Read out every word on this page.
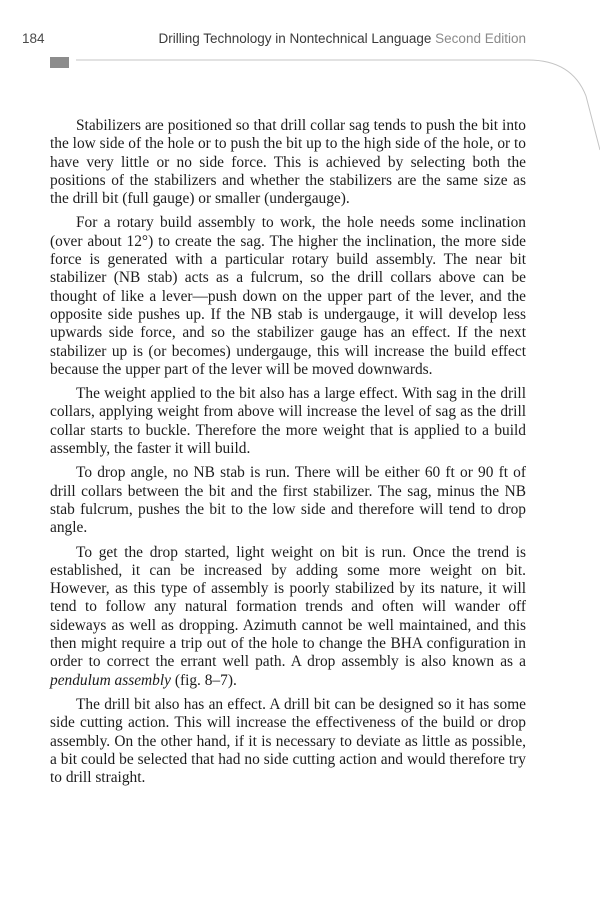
184	Drilling Technology in Nontechnical Language Second Edition

Stabilizers are positioned so that drill collar sag tends to push the bit into the low side of the hole or to push the bit up to the high side of the hole, or to have very little or no side force. This is achieved by selecting both the positions of the stabilizers and whether the stabilizers are the same size as the drill bit (full gauge) or smaller (undergauge).

For a rotary build assembly to work, the hole needs some inclination (over about 12°) to create the sag. The higher the inclination, the more side force is generated with a particular rotary build assembly. The near bit stabilizer (NB stab) acts as a fulcrum, so the drill collars above can be thought of like a lever—push down on the upper part of the lever, and the opposite side pushes up. If the NB stab is undergauge, it will develop less upwards side force, and so the stabilizer gauge has an effect. If the next stabilizer up is (or becomes) undergauge, this will increase the build effect because the upper part of the lever will be moved downwards.

The weight applied to the bit also has a large effect. With sag in the drill collars, applying weight from above will increase the level of sag as the drill collar starts to buckle. Therefore the more weight that is applied to a build assembly, the faster it will build.

To drop angle, no NB stab is run. There will be either 60 ft or 90 ft of drill collars between the bit and the first stabilizer. The sag, minus the NB stab fulcrum, pushes the bit to the low side and therefore will tend to drop angle.

To get the drop started, light weight on bit is run. Once the trend is established, it can be increased by adding some more weight on bit. However, as this type of assembly is poorly stabilized by its nature, it will tend to follow any natural formation trends and often will wander off sideways as well as dropping. Azimuth cannot be well maintained, and this then might require a trip out of the hole to change the BHA configuration in order to correct the errant well path. A drop assembly is also known as a pendulum assembly (fig. 8–7).

The drill bit also has an effect. A drill bit can be designed so it has some side cutting action. This will increase the effectiveness of the build or drop assembly. On the other hand, if it is necessary to deviate as little as possible, a bit could be selected that had no side cutting action and would therefore try to drill straight.
